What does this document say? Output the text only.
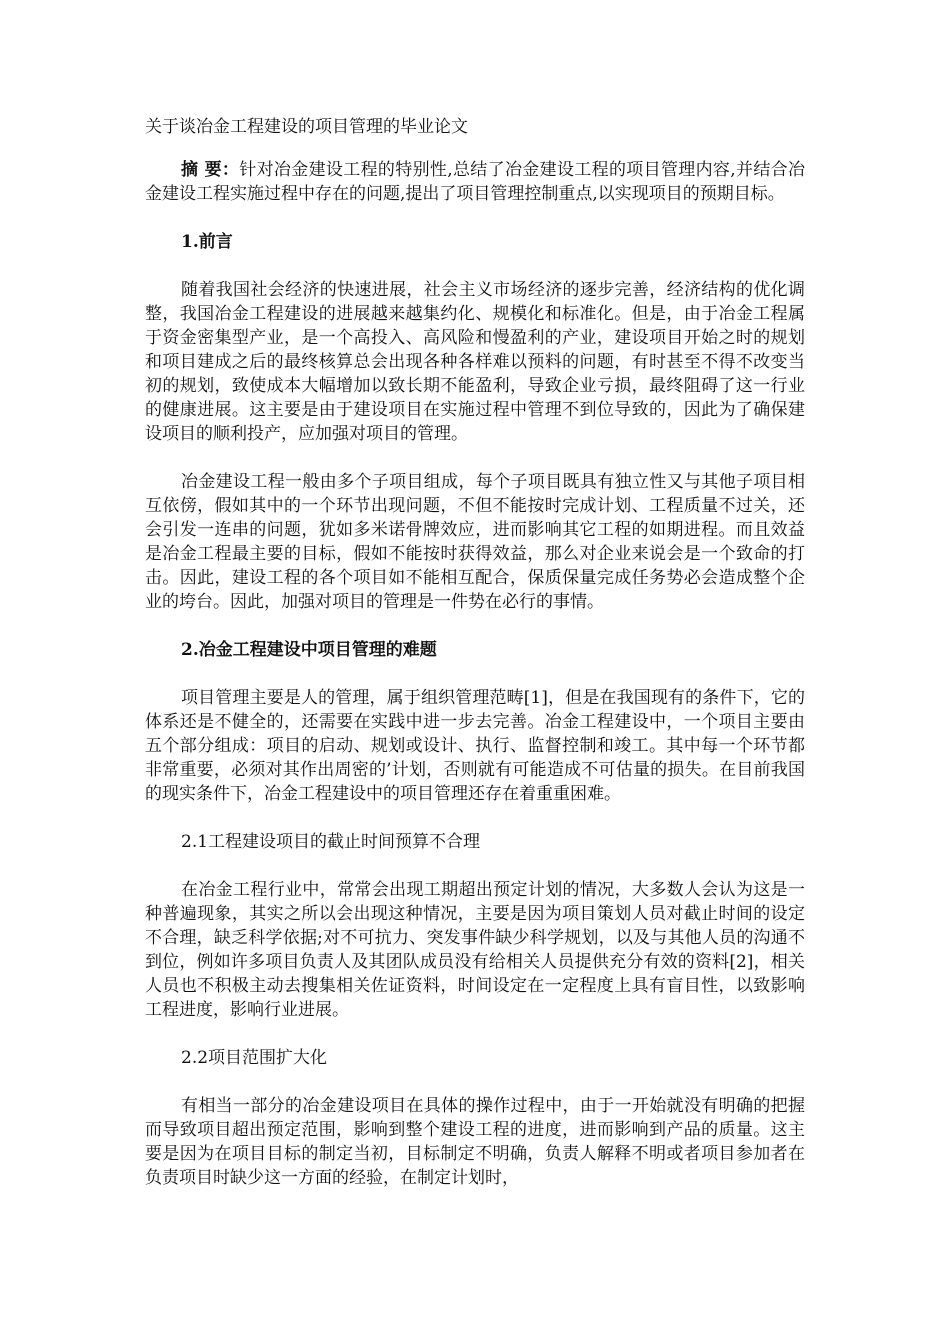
关于谈冶金工程建设的项目管理的毕业论文

摘 要：针对冶金建设工程的特别性,总结了冶金建设工程的项目管理内容,并结合冶金建设工程实施过程中存在的问题,提出了项目管理控制重点,以实现项目的预期目标。

1.前言

随着我国社会经济的快速进展，社会主义市场经济的逐步完善，经济结构的优化调整，我国冶金工程建设的进展越来越集约化、规模化和标准化。但是，由于冶金工程属于资金密集型产业，是一个高投入、高风险和慢盈利的产业，建设项目开始之时的规划和项目建成之后的最终核算总会出现各种各样难以预料的问题，有时甚至不得不改变当初的规划，致使成本大幅增加以致长期不能盈利，导致企业亏损，最终阻碍了这一行业的健康进展。这主要是由于建设项目在实施过程中管理不到位导致的，因此为了确保建设项目的顺利投产，应加强对项目的管理。

冶金建设工程一般由多个子项目组成，每个子项目既具有独立性又与其他子项目相互依傍，假如其中的一个环节出现问题，不但不能按时完成计划、工程质量不过关，还会引发一连串的问题，犹如多米诺骨牌效应，进而影响其它工程的如期进程。而且效益是冶金工程最主要的目标，假如不能按时获得效益，那么对企业来说会是一个致命的打击。因此，建设工程的各个项目如不能相互配合，保质保量完成任务势必会造成整个企业的垮台。因此，加强对项目的管理是一件势在必行的事情。

2.冶金工程建设中项目管理的难题

项目管理主要是人的管理，属于组织管理范畴[1]，但是在我国现有的条件下，它的体系还是不健全的，还需要在实践中进一步去完善。冶金工程建设中，一个项目主要由五个部分组成：项目的启动、规划或设计、执行、监督控制和竣工。其中每一个环节都非常重要，必须对其作出周密的’计划，否则就有可能造成不可估量的损失。在目前我国的现实条件下，冶金工程建设中的项目管理还存在着重重困难。

2.1工程建设项目的截止时间预算不合理

在冶金工程行业中，常常会出现工期超出预定计划的情况，大多数人会认为这是一种普遍现象，其实之所以会出现这种情况，主要是因为项目策划人员对截止时间的设定不合理，缺乏科学依据;对不可抗力、突发事件缺少科学规划，以及与其他人员的沟通不到位，例如许多项目负责人及其团队成员没有给相关人员提供充分有效的资料[2]，相关人员也不积极主动去搜集相关佐证资料，时间设定在一定程度上具有盲目性，以致影响工程进度，影响行业进展。

2.2项目范围扩大化

有相当一部分的冶金建设项目在具体的操作过程中，由于一开始就没有明确的把握而导致项目超出预定范围，影响到整个建设工程的进度，进而影响到产品的质量。这主要是因为在项目目标的制定当初，目标制定不明确，负责人解释不明或者项目参加者在负责项目时缺少这一方面的经验，在制定计划时，
